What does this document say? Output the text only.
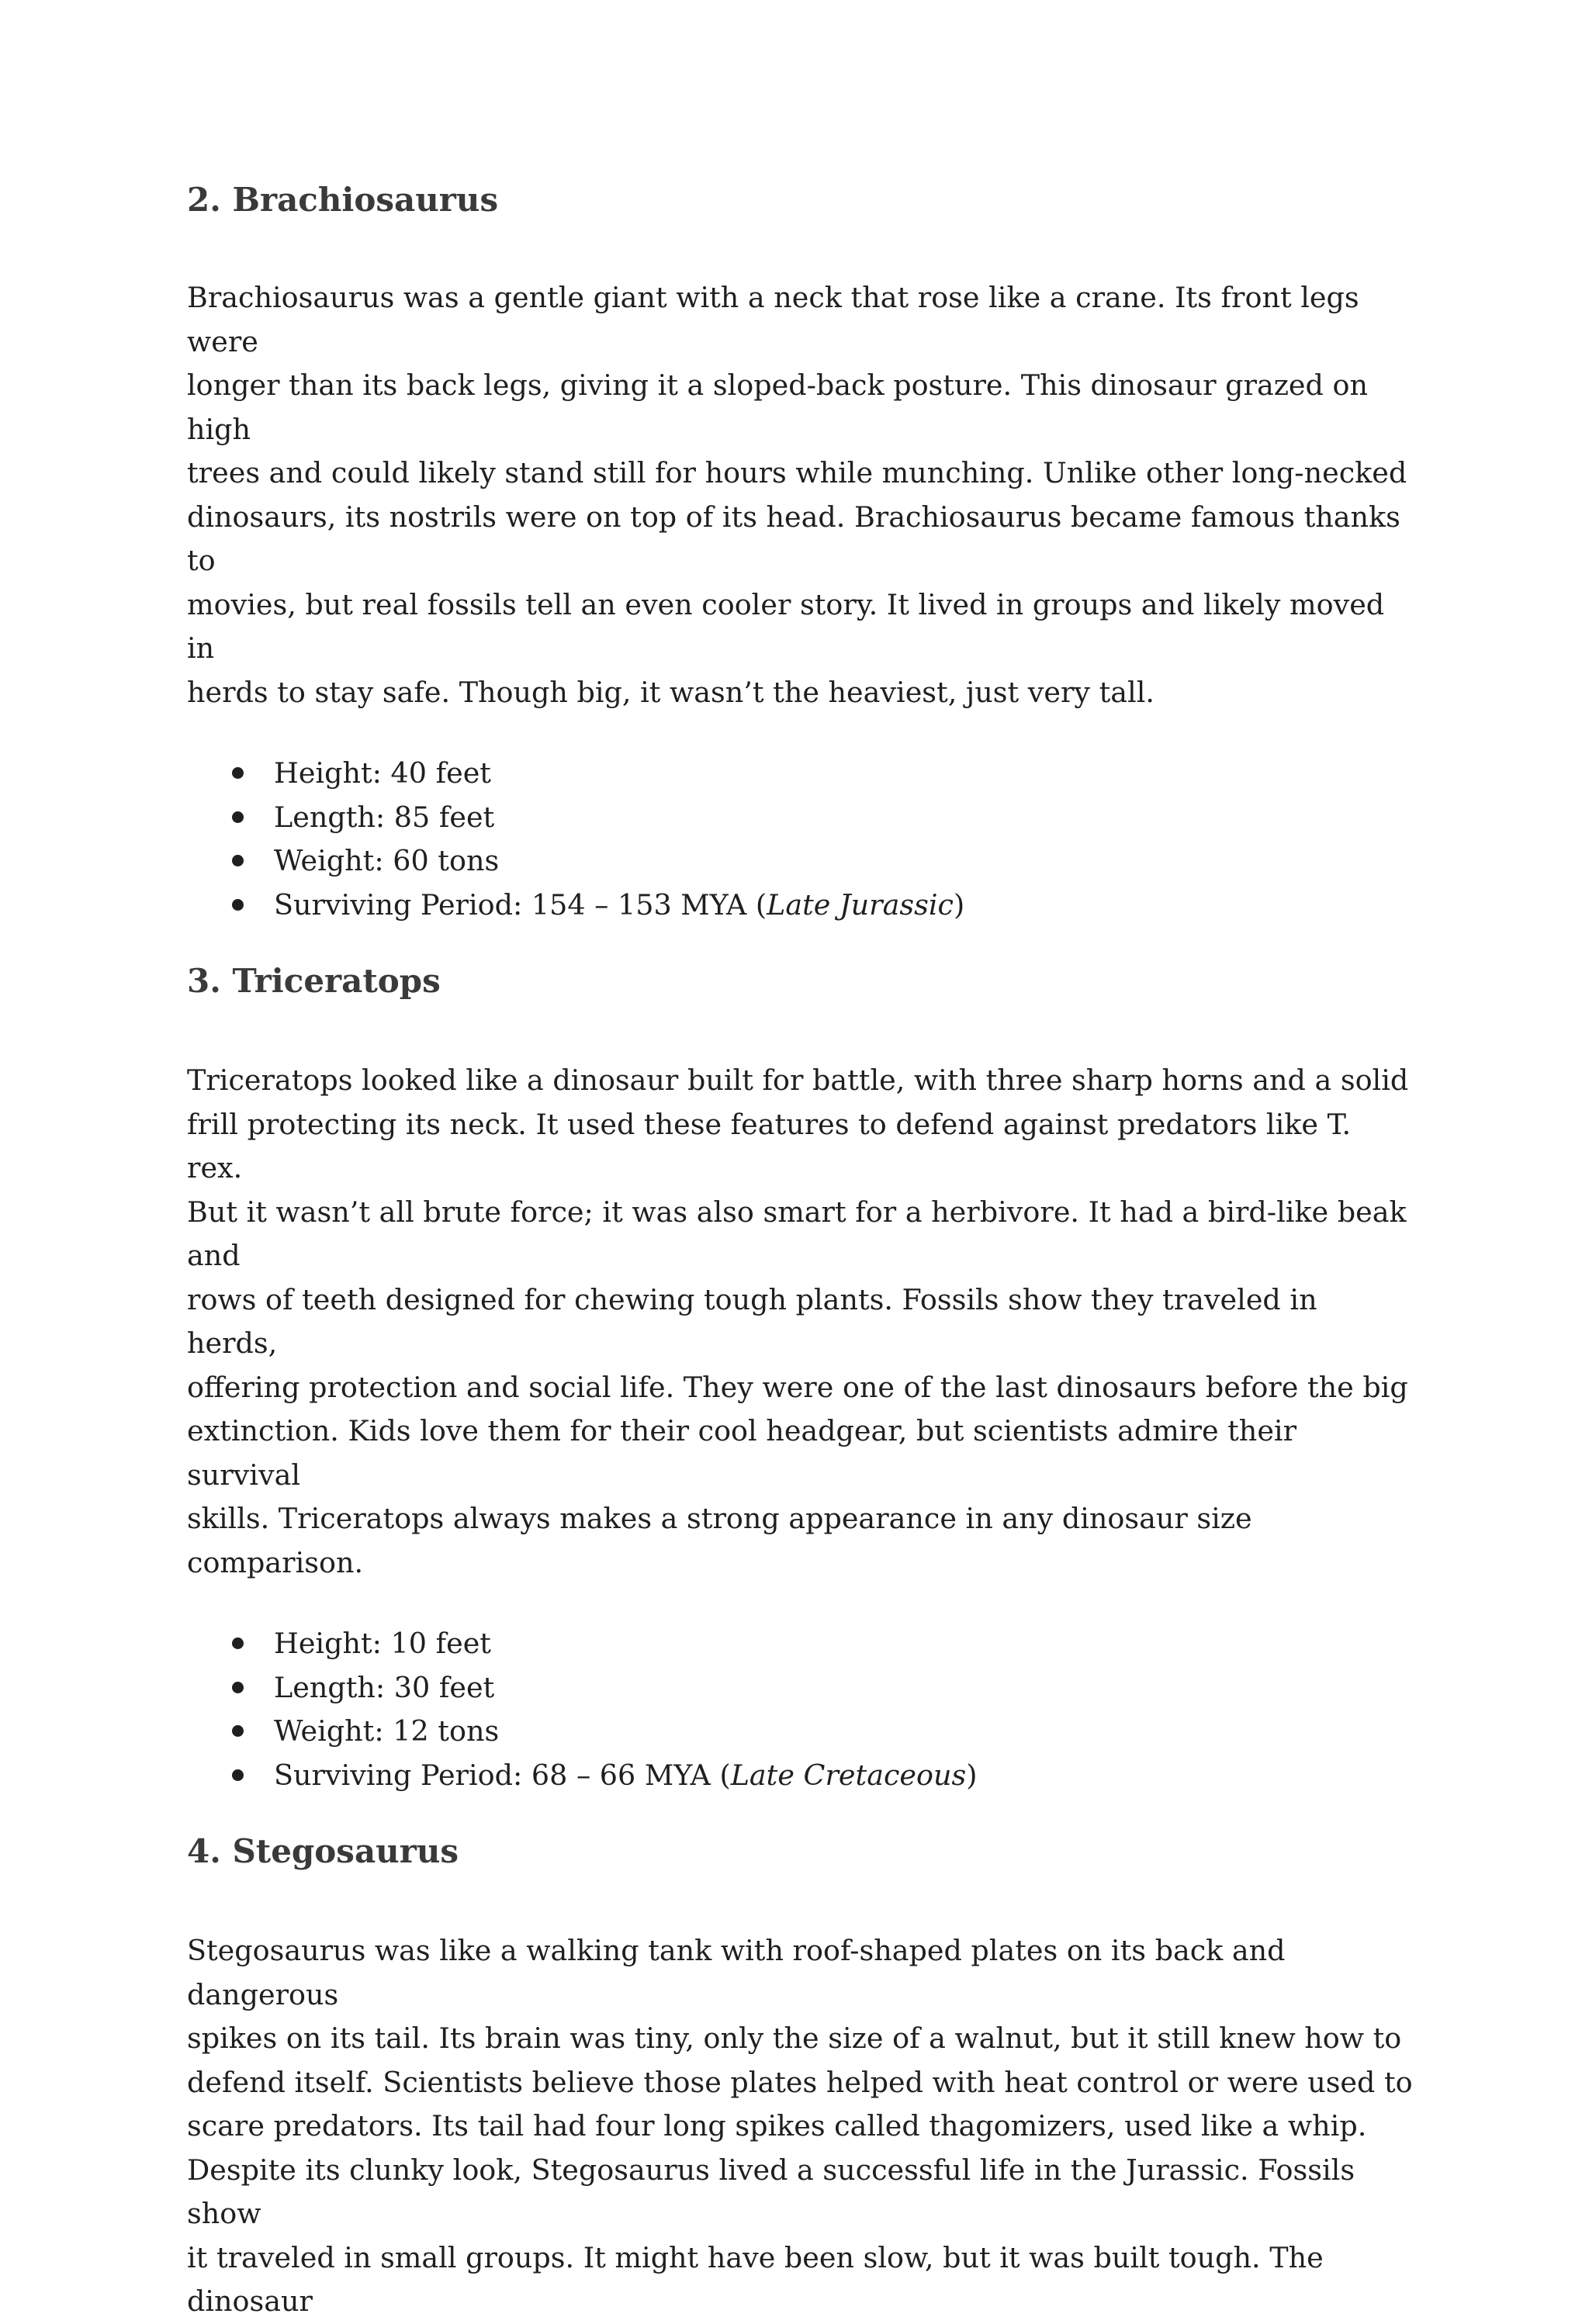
2. Brachiosaurus

Brachiosaurus was a gentle giant with a neck that rose like a crane. Its front legs were
longer than its back legs, giving it a sloped-back posture. This dinosaur grazed on high
trees and could likely stand still for hours while munching. Unlike other long-necked
dinosaurs, its nostrils were on top of its head. Brachiosaurus became famous thanks to
movies, but real fossils tell an even cooler story. It lived in groups and likely moved in
herds to stay safe. Though big, it wasn’t the heaviest, just very tall.

Height: 40 feet
Length: 85 feet
Weight: 60 tons
Surviving Period: 154 – 153 MYA (Late Jurassic)
3. Triceratops

Triceratops looked like a dinosaur built for battle, with three sharp horns and a solid
frill protecting its neck. It used these features to defend against predators like T. rex.
But it wasn’t all brute force; it was also smart for a herbivore. It had a bird-like beak and
rows of teeth designed for chewing tough plants. Fossils show they traveled in herds,
offering protection and social life. They were one of the last dinosaurs before the big
extinction. Kids love them for their cool headgear, but scientists admire their survival
skills. Triceratops always makes a strong appearance in any dinosaur size comparison.

Height: 10 feet
Length: 30 feet
Weight: 12 tons
Surviving Period: 68 – 66 MYA (Late Cretaceous)
4. Stegosaurus

Stegosaurus was like a walking tank with roof-shaped plates on its back and dangerous
spikes on its tail. Its brain was tiny, only the size of a walnut, but it still knew how to
defend itself. Scientists believe those plates helped with heat control or were used to
scare predators. Its tail had four long spikes called thagomizers, used like a whip.
Despite its clunky look, Stegosaurus lived a successful life in the Jurassic. Fossils show
it traveled in small groups. It might have been slow, but it was built tough. The dinosaur
